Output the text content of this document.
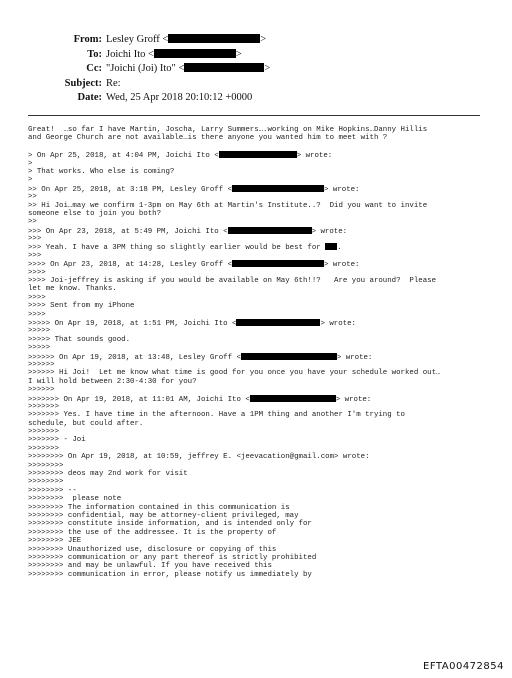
From: Lesley Groff <	>
To: Joichi Ito <	>
Cc: "Joichi (Joi) Ito" <	>
Subject: Re:
Date: Wed, 25 Apr 2018 20:10:12 +0000
Great!  …so far I have Martin, Joscha, Larry Summers….working on Mike Hopkins…Danny Hillis
and George Church are not available…is there anyone you wanted him to meet with ?
> On Apr 25, 2018, at 4:04 PM, Joichi Ito <	> wrote:
>
> That works. Who else is coming?
>
>> On Apr 25, 2018, at 3:18 PM, Lesley Groff <	> wrote:
>>
>> Hi Joi…may we confirm 1-3pm on May 6th at Martin's Institute..?  Did you want to invite
someone else to join you both?
>>
>>> On Apr 23, 2018, at 5:49 PM, Joichi Ito <	> wrote:
>>>
>>> Yeah. I have a 3PM thing so slightly earlier would be best for .
>>>
>>>> On Apr 23, 2018, at 14:28, Lesley Groff <	> wrote:
>>>>
>>>> Joi-jeffrey is asking if you would be available on May 6th!!?   Are you around?  Please
let me know. Thanks.
>>>>
>>>> Sent from my iPhone
>>>>
>>>>> On Apr 19, 2018, at 1:51 PM, Joichi Ito <	> wrote:
>>>>>
>>>>> That sounds good.
>>>>>
>>>>>> On Apr 19, 2018, at 13:48, Lesley Groff <	> wrote:
>>>>>>
>>>>>> Hi Joi!  Let me know what time is good for you once you have your schedule worked out…
I will hold between 2:30-4:30 for you?
>>>>>>
>>>>>>> On Apr 19, 2018, at 11:01 AM, Joichi Ito <	> wrote:
>>>>>>>
>>>>>>> Yes. I have time in the afternoon. Have a 1PM thing and another I'm trying to
schedule, but could after.
>>>>>>>
>>>>>>> - Joi
>>>>>>>
>>>>>>>> On Apr 19, 2018, at 10:59, jeffrey E. <jeevacation@gmail.com> wrote:
>>>>>>>>
>>>>>>>> deos may 2nd work for visit
>>>>>>>>
>>>>>>>> --
>>>>>>>>  please note
>>>>>>>> The information contained in this communication is
>>>>>>>> confidential, may be attorney-client privileged, may
>>>>>>>> constitute inside information, and is intended only for
>>>>>>>> the use of the addressee. It is the property of
>>>>>>>> JEE
>>>>>>>> Unauthorized use, disclosure or copying of this
>>>>>>>> communication or any part thereof is strictly prohibited
>>>>>>>> and may be unlawful. If you have received this
>>>>>>>> communication in error, please notify us immediately by
EFTA00472854
